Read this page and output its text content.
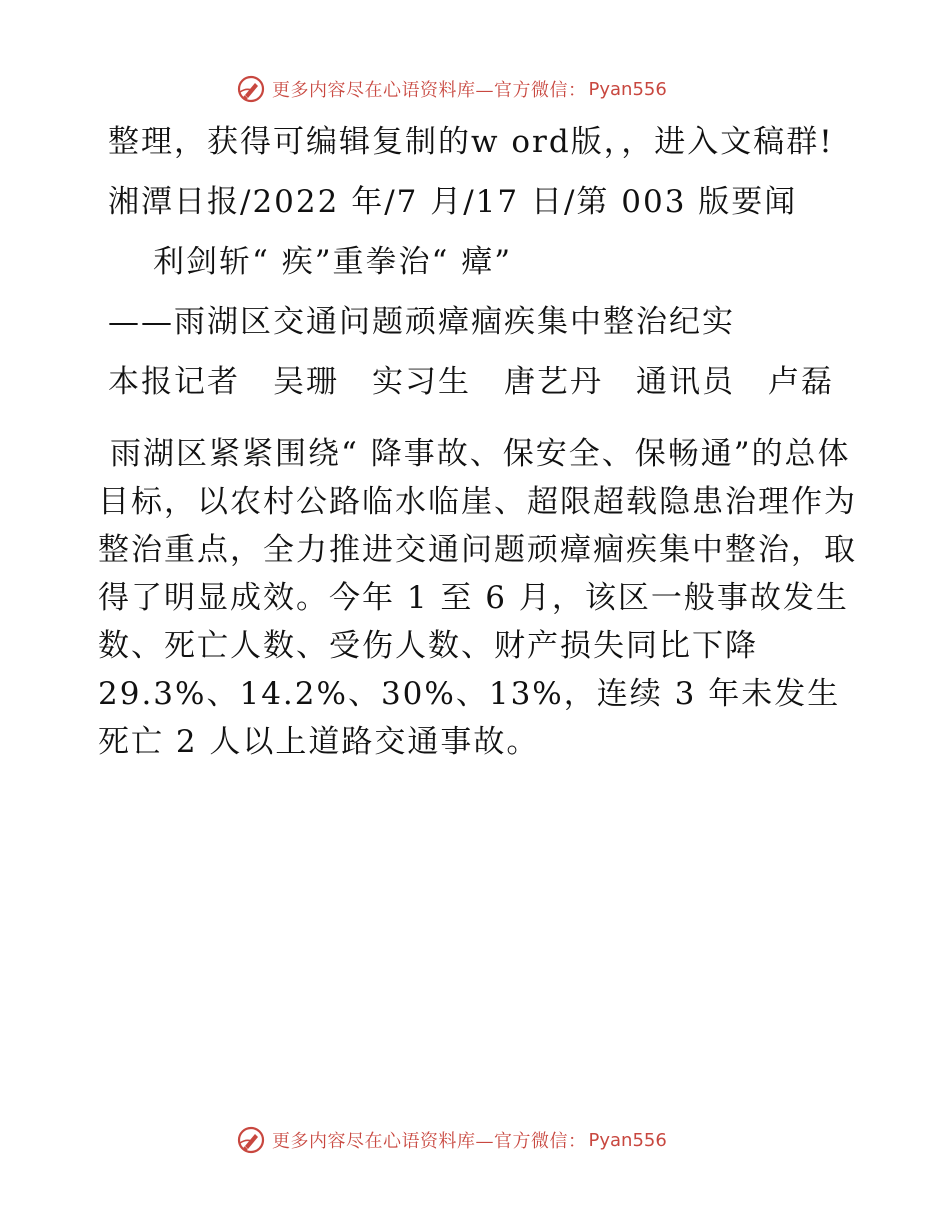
更多内容尽在心语资料库—官方微信： Pyan556

整理，获得可编辑复制的w ord版，，进入文稿群!

湘潭日报/2022 年/7 月/17 日/第 003 版要闻

利剑斩“ 疾”重拳治“ 瘴”

——雨湖区交通问题顽瘴痼疾集中整治纪实

本报记者　吴珊　实习生　唐艺丹　通讯员　卢磊

雨湖区紧紧围绕“ 降事故、保安全、保畅通”的总体目标，以农村公路临水临崖、超限超载隐患治理作为整治重点，全力推进交通问题顽瘴痼疾集中整治，取得了明显成效。今年 1 至 6 月，该区一般事故发生数、死亡人数、受伤人数、财产损失同比下降 29.3%、14.2%、30%、13%，连续 3 年未发生死亡 2 人以上道路交通事故。

更多内容尽在心语资料库—官方微信： Pyan556
